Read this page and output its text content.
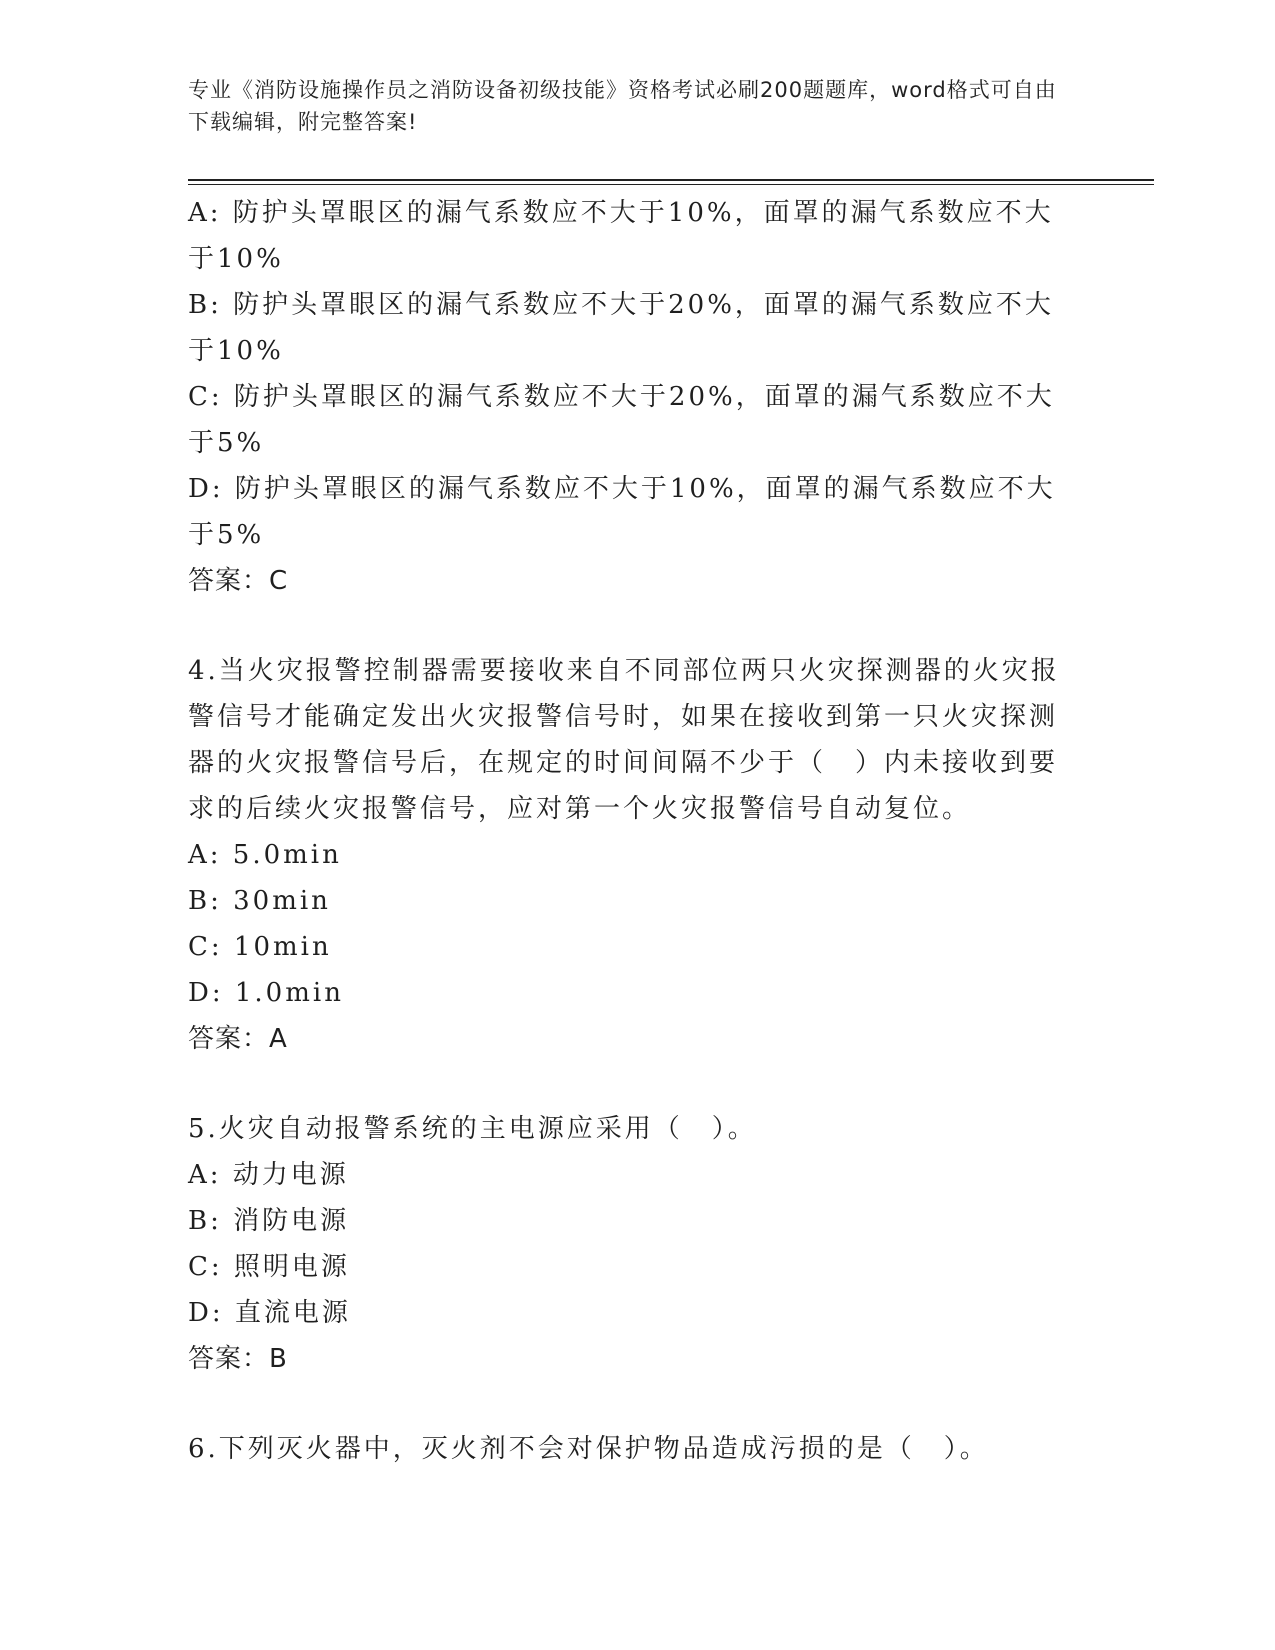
专业《消防设施操作员之消防设备初级技能》资格考试必刷200题题库，word格式可自由下载编辑，附完整答案!

A: 防护头罩眼区的漏气系数应不大于10%，面罩的漏气系数应不大于10%

B: 防护头罩眼区的漏气系数应不大于20%，面罩的漏气系数应不大于10%

C: 防护头罩眼区的漏气系数应不大于20%，面罩的漏气系数应不大于5%

D: 防护头罩眼区的漏气系数应不大于10%，面罩的漏气系数应不大于5%

答案：C

4.当火灾报警控制器需要接收来自不同部位两只火灾探测器的火灾报警信号才能确定发出火灾报警信号时，如果在接收到第一只火灾探测器的火灾报警信号后，在规定的时间间隔不少于（　）内未接收到要求的后续火灾报警信号，应对第一个火灾报警信号自动复位。

A: 5.0min

B: 30min

C: 10min

D: 1.0min

答案：A

5.火灾自动报警系统的主电源应采用（　）。

A: 动力电源

B: 消防电源

C: 照明电源

D: 直流电源

答案：B

6.下列灭火器中，灭火剂不会对保护物品造成污损的是（　）。
